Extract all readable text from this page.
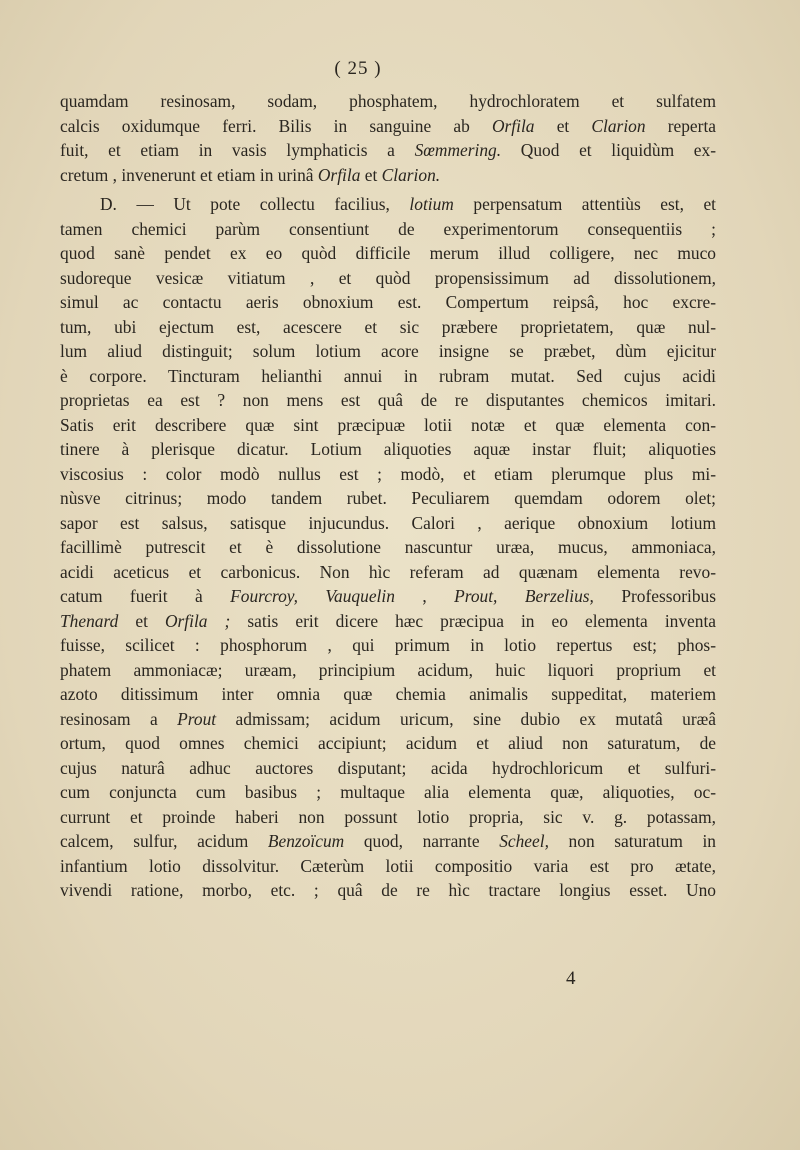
( 25 )
quamdam resinosam, sodam, phosphatem, hydrochloratem et sulfatem
calcis oxidumque ferri. Bilis in sanguine ab Orfila et Clarion reperta
fuit, et etiam in vasis lymphaticis a Sœmmering. Quod et liquidùm ex-
cretum , invenerunt et etiam in urinâ Orfila et Clarion.
D. — Ut pote collectu facilius, lotium perpensatum attentiùs est, et
tamen chemici parùm consentiunt de experimentorum consequentiis ;
quod sanè pendet ex eo quòd difficile merum illud colligere, nec muco
sudoreque vesicæ vitiatum , et quòd propensissimum ad dissolutionem,
simul ac contactu aeris obnoxium est. Compertum reipsâ, hoc excre-
tum, ubi ejectum est, acescere et sic præbere proprietatem, quæ nul-
lum aliud distinguit; solum lotium acore insigne se præbet, dùm ejicitur
è corpore. Tincturam helianthi annui in rubram mutat. Sed cujus acidi
proprietas ea est ? non mens est quâ de re disputantes chemicos imitari.
Satis erit describere quæ sint præcipuæ lotii notæ et quæ elementa con-
tinere à plerisque dicatur. Lotium aliquoties aquæ instar fluit; aliquoties
viscosius : color modò nullus est ; modò, et etiam plerumque plus mi-
nùsve citrinus; modo tandem rubet. Peculiarem quemdam odorem olet;
sapor est salsus, satisque injucundus. Calori , aerique obnoxium lotium
facillimè putrescit et è dissolutione nascuntur uræa, mucus, ammoniaca,
acidi aceticus et carbonicus. Non hìc referam ad quænam elementa revo-
catum fuerit à Fourcroy, Vauquelin , Prout, Berzelius, Professoribus
Thenard et Orfila ; satis erit dicere hæc præcipua in eo elementa inventa
fuisse, scilicet : phosphorum , qui primum in lotio repertus est; phos-
phatem ammoniacæ; uræam, principium acidum, huic liquori proprium et
azoto ditissimum inter omnia quæ chemia animalis suppeditat, materiem
resinosam a Prout admissam; acidum uricum, sine dubio ex mutatâ uræâ
ortum, quod omnes chemici accipiunt; acidum et aliud non saturatum, de
cujus naturâ adhuc auctores disputant; acida hydrochloricum et sulfuri-
cum conjuncta cum basibus ; multaque alia elementa quæ, aliquoties, oc-
currunt et proinde haberi non possunt lotio propria, sic v. g. potassam,
calcem, sulfur, acidum Benzoïcum quod, narrante Scheel, non saturatum in
infantium lotio dissolvitur. Cæterùm lotii compositio varia est pro ætate,
vivendi ratione, morbo, etc. ; quâ de re hìc tractare longius esset. Uno
4
